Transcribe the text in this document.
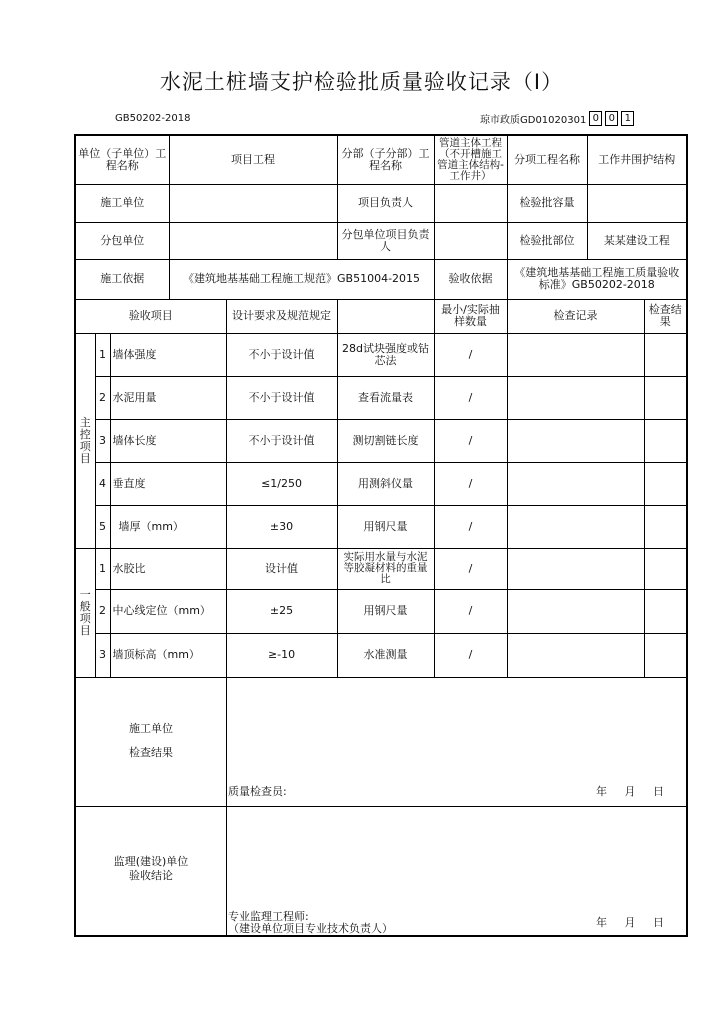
水泥土桩墙支护检验批质量验收记录（Ⅰ）
GB50202-2018	琼市政质GD01020301 0 0 1
单位（子单位）工程名称			项目工程		分部（子分部）工程名称	管道主体工程（不开槽施工管道主体结构-工作井）	分项工程名称	工作井围护结构	
施工单位					项目负责人		检验批容量		
分包单位					分包单位项目负责人		检验批部位	某某建设工程	
施工依据			《建筑地基基础工程施工规范》GB51004-2015			验收依据	《建筑地基基础工程施工质量验收标准》GB50202-2018		
验收项目				设计要求及规范规定		最小/实际抽样数量	检查记录		检查结果
主控项目	1	墙体强度		不小于设计值	28d试块强度或钻芯法	/			
	2	水泥用量		不小于设计值	查看流量表	/			
	3	墙体长度		不小于设计值	测切割链长度	/			
	4	垂直度		≤1/250	用测斜仪量	/			
	5	墙厚（mm）		±30	用钢尺量	/			
一般项目	1	水胶比		设计值	实际用水量与水泥等胶凝材料的重量比	/			
	2	中心线定位（mm）		±25	用钢尺量	/			
	3	墙顶标高（mm）		≥-10	水准测量	/			

施工单位
检查结果
质量检查员: 年 月 日									

监理(建设)单位
验收结论
专业监理工程师:
（建设单位项目专业技术负责人） 年 月 日									
